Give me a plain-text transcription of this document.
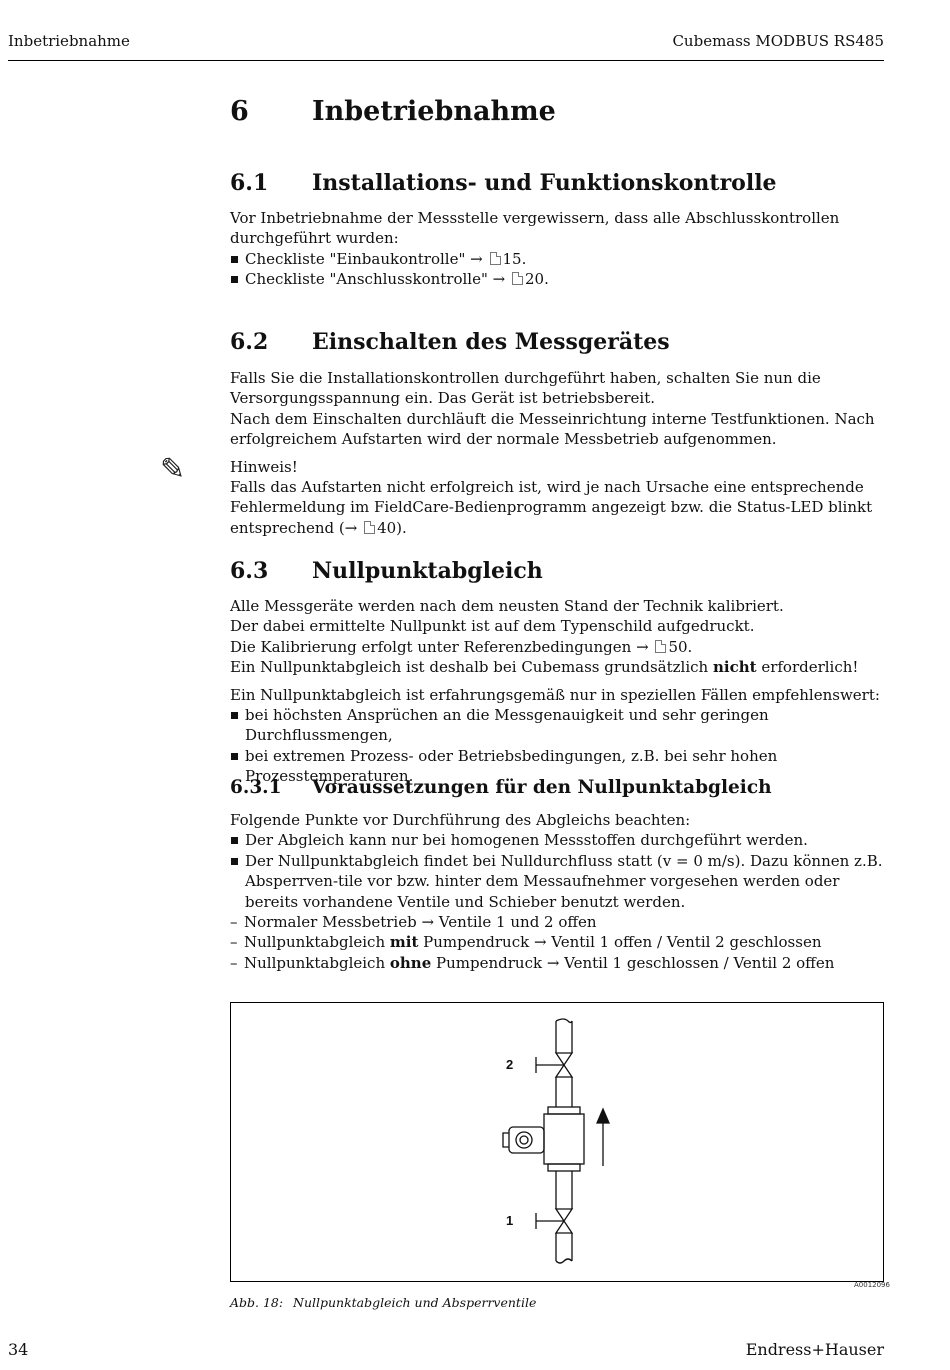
Inbetriebnahme	Cubemass MODBUS RS485
6 Inbetriebnahme
6.1 Installations- und Funktionskontrolle

Vor Inbetriebnahme der Messstelle vergewissern, dass alle Abschlusskontrollen durchgeführt wurden:

Checkliste "Einbaukontrolle" → 15.

Checkliste "Anschlusskontrolle" → 20.

6.2 Einschalten des Messgerätes

Falls Sie die Installationskontrollen durchgeführt haben, schalten Sie nun die Versorgungsspannung ein. Das Gerät ist betriebsbereit.

Nach dem Einschalten durchläuft die Messeinrichtung interne Testfunktionen. Nach erfolgreichem Aufstarten wird der normale Messbetrieb aufgenommen.

Hinweis!

Falls das Aufstarten nicht erfolgreich ist, wird je nach Ursache eine entsprechende Fehlermeldung im FieldCare-Bedienprogramm angezeigt bzw. die Status-LED blinkt entsprechend (→ 40).

✎
6.3 Nullpunktabgleich

Alle Messgeräte werden nach dem neusten Stand der Technik kalibriert.

Der dabei ermittelte Nullpunkt ist auf dem Typenschild aufgedruckt.

Die Kalibrierung erfolgt unter Referenzbedingungen → 50.

Ein Nullpunktabgleich ist deshalb bei Cubemass grundsätzlich nicht erforderlich!

Ein Nullpunktabgleich ist erfahrungsgemäß nur in speziellen Fällen empfehlenswert:

bei höchsten Ansprüchen an die Messgenauigkeit und sehr geringen Durchflussmengen,

bei extremen Prozess- oder Betriebsbedingungen, z.B. bei sehr hohen Prozesstemperaturen.

6.3.1 Voraussetzungen für den Nullpunktabgleich

Folgende Punkte vor Durchführung des Abgleichs beachten:

Der Abgleich kann nur bei homogenen Messstoffen durchgeführt werden.

Der Nullpunktabgleich findet bei Nulldurchfluss statt (v = 0 m/s). Dazu können z.B. Absperrven-tile vor bzw. hinter dem Messaufnehmer vorgesehen werden oder bereits vorhandene Ventile und Schieber benutzt werden.

– Normaler Messbetrieb → Ventile 1 und 2 offen

– Nullpunktabgleich mit Pumpendruck → Ventil 1 offen / Ventil 2 geschlossen

– Nullpunktabgleich ohne Pumpendruck → Ventil 1 geschlossen / Ventil 2 offen

2
1
A0012096
Abb. 18: Nullpunktabgleich und Absperrventile
34	Endress+Hauser
